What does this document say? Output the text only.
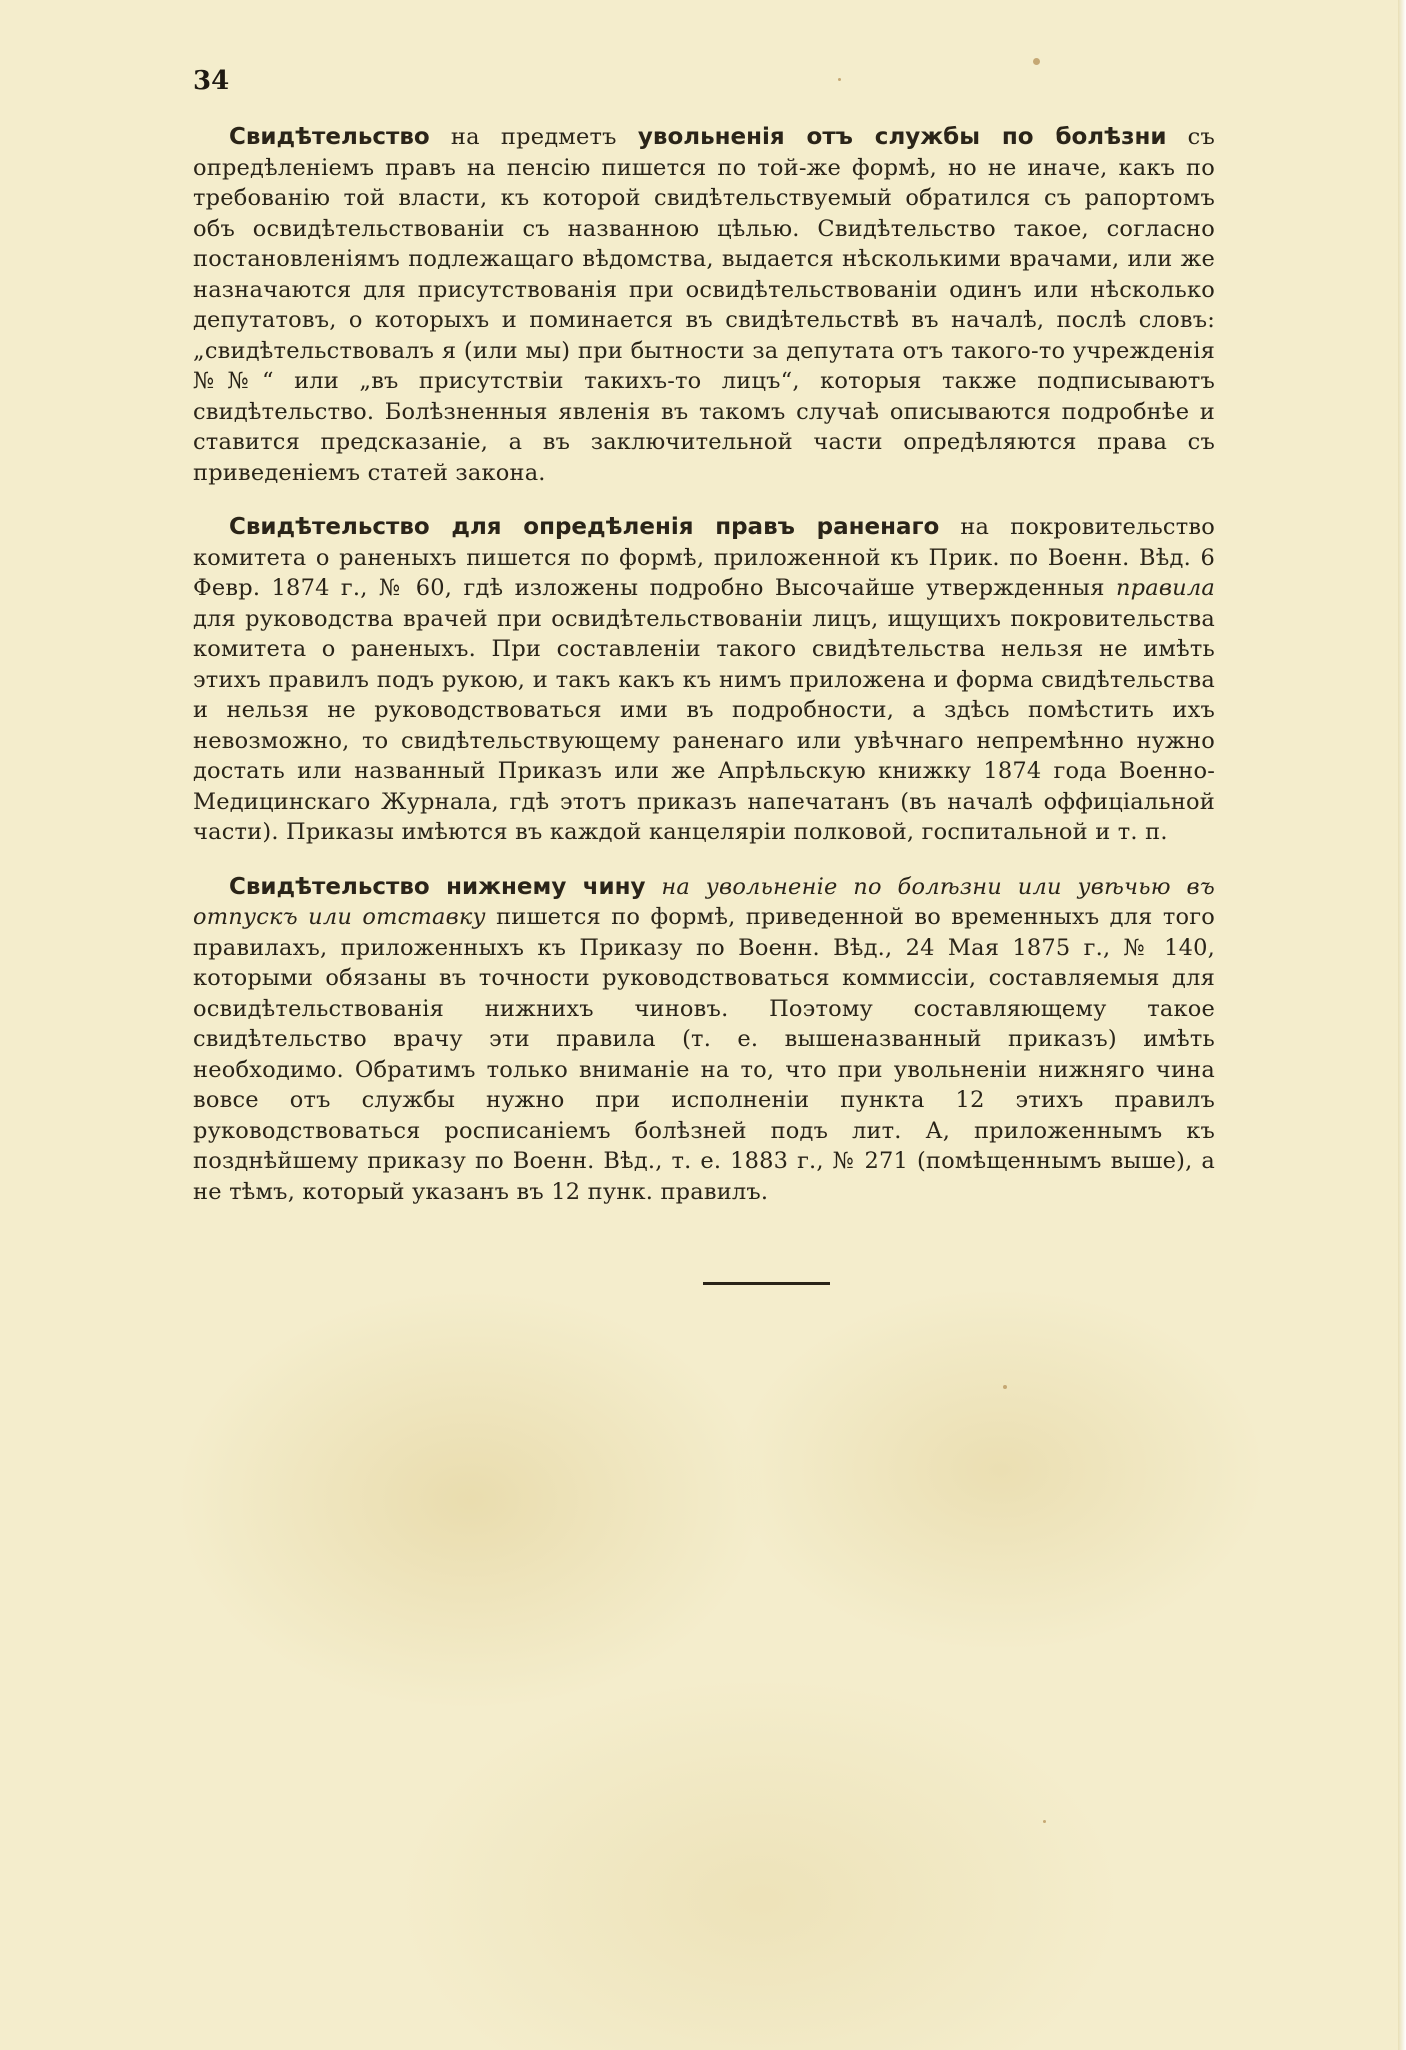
34

Свидѣтельство на предметъ увольненія отъ службы по болѣзни съ опредѣленіемъ правъ на пенсію пишется по той-же формѣ, но не иначе, какъ по требованію той власти, къ которой свидѣтельствуемый обратился съ рапортомъ объ освидѣтельствованіи съ названною цѣлью. Свидѣтельство такое, согласно постановленіямъ подлежащаго вѣдомства, выдается нѣсколькими врачами, или же назначаются для присутствованія при освидѣтельствованіи одинъ или нѣсколько депутатовъ, о которыхъ и поминается въ свидѣтельствѣ въ началѣ, послѣ словъ: „свидѣтельствовалъ я (или мы) при бытности за депутата отъ такого-то учрежденія №№“ или „въ присутствіи такихъ-то лицъ“, которыя также подписываютъ свидѣтельство. Болѣзненныя явленія въ такомъ случаѣ описываются подробнѣе и ставится предсказаніе, а въ заключительной части опредѣляются права съ приведеніемъ статей закона.

Свидѣтельство для опредѣленія правъ раненаго на покровительство комитета о раненыхъ пишется по формѣ, приложенной къ Прик. по Военн. Вѣд. 6 Февр. 1874 г., № 60, гдѣ изложены подробно Высочайше утвержденныя правила для руководства врачей при освидѣтельствованіи лицъ, ищущихъ покровительства комитета о раненыхъ. При составленіи такого свидѣтельства нельзя не имѣть этихъ правилъ подъ рукою, и такъ какъ къ нимъ приложена и форма свидѣтельства и нельзя не руководствоваться ими въ подробности, а здѣсь помѣстить ихъ невозможно, то свидѣтельствующему раненаго или увѣчнаго непремѣнно нужно достать или названный Приказъ или же Апрѣльскую книжку 1874 года Военно-Медицинскаго Журнала, гдѣ этотъ приказъ напечатанъ (въ началѣ оффиціальной части). Приказы имѣются въ каждой канцеляріи полковой, госпитальной и т. п.

Свидѣтельство нижнему чину на увольненіе по болѣзни или увѣчью въ отпускъ или отставку пишется по формѣ, приведенной во временныхъ для того правилахъ, приложенныхъ къ Приказу по Военн. Вѣд., 24 Мая 1875 г., № 140, которыми обязаны въ точности руководствоваться коммиссіи, составляемыя для освидѣтельствованія нижнихъ чиновъ. Поэтому составляющему такое свидѣтельство врачу эти правила (т. е. вышеназванный приказъ) имѣть необходимо. Обратимъ только вниманіе на то, что при увольненіи нижняго чина вовсе отъ службы нужно при исполненіи пункта 12 этихъ правилъ руководствоваться росписаніемъ болѣзней подъ лит. А, приложеннымъ къ позднѣйшему приказу по Военн. Вѣд., т. е. 1883 г., № 271 (помѣщеннымъ выше), а не тѣмъ, который указанъ въ 12 пунк. правилъ.
